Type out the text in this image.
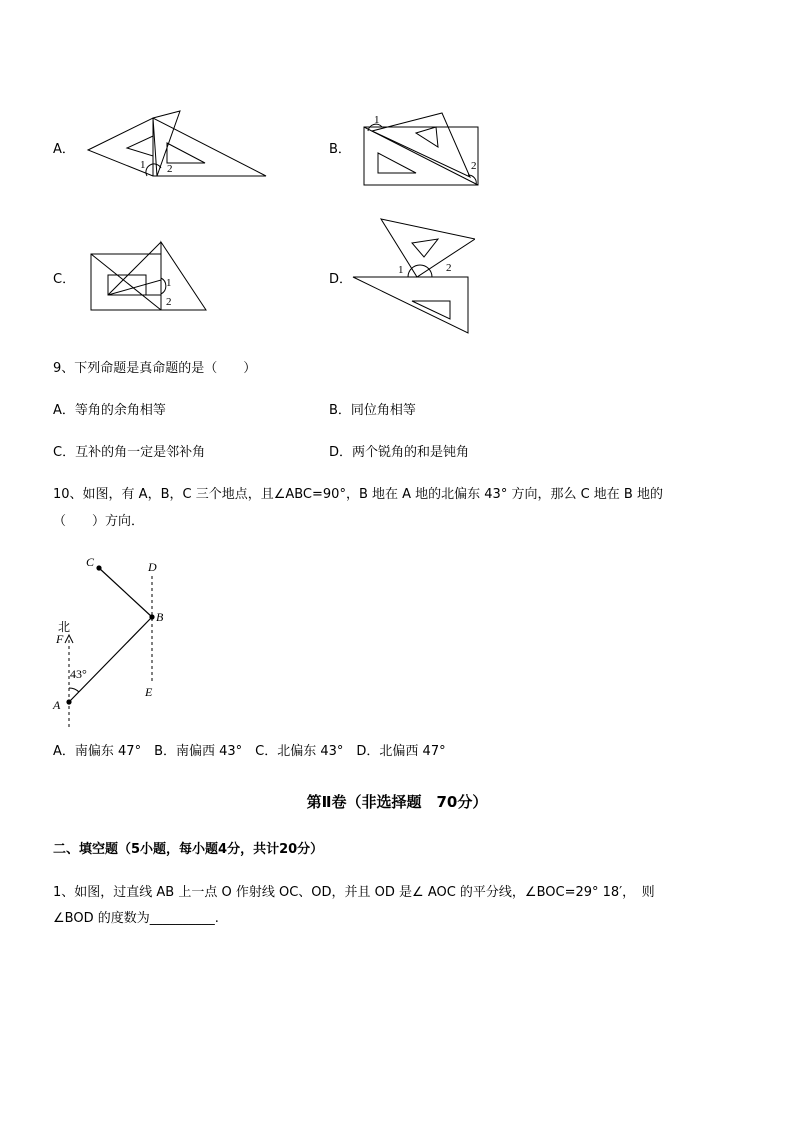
A．
1 2
B．
1
2
C．	1
2
D．
1	2
9、下列命题是真命题的是（　　）
A．等角的余角相等	B．同位角相等
C．互补的角一定是邻补角	D．两个锐角的和是钝角
10、如图，有 A，B，C 三个地点，且∠ABC=90°，B 地在 A 地的北偏东 43° 方向，那么 C 地在 B 地的
（　　）方向．
北
F
C	D
B
E
A
43°
A．南偏东 47°　B．南偏西 43°　C．北偏东 43°　D．北偏西 47°
第Ⅱ卷（非选择题　70分）
二、填空题（5小题，每小题4分，共计20分）
1、如图，过直线 AB 上一点 O 作射线 OC、OD，并且 OD 是∠ AOC 的平分线，∠BOC=29° 18′，　则
∠BOD 的度数为__________.
